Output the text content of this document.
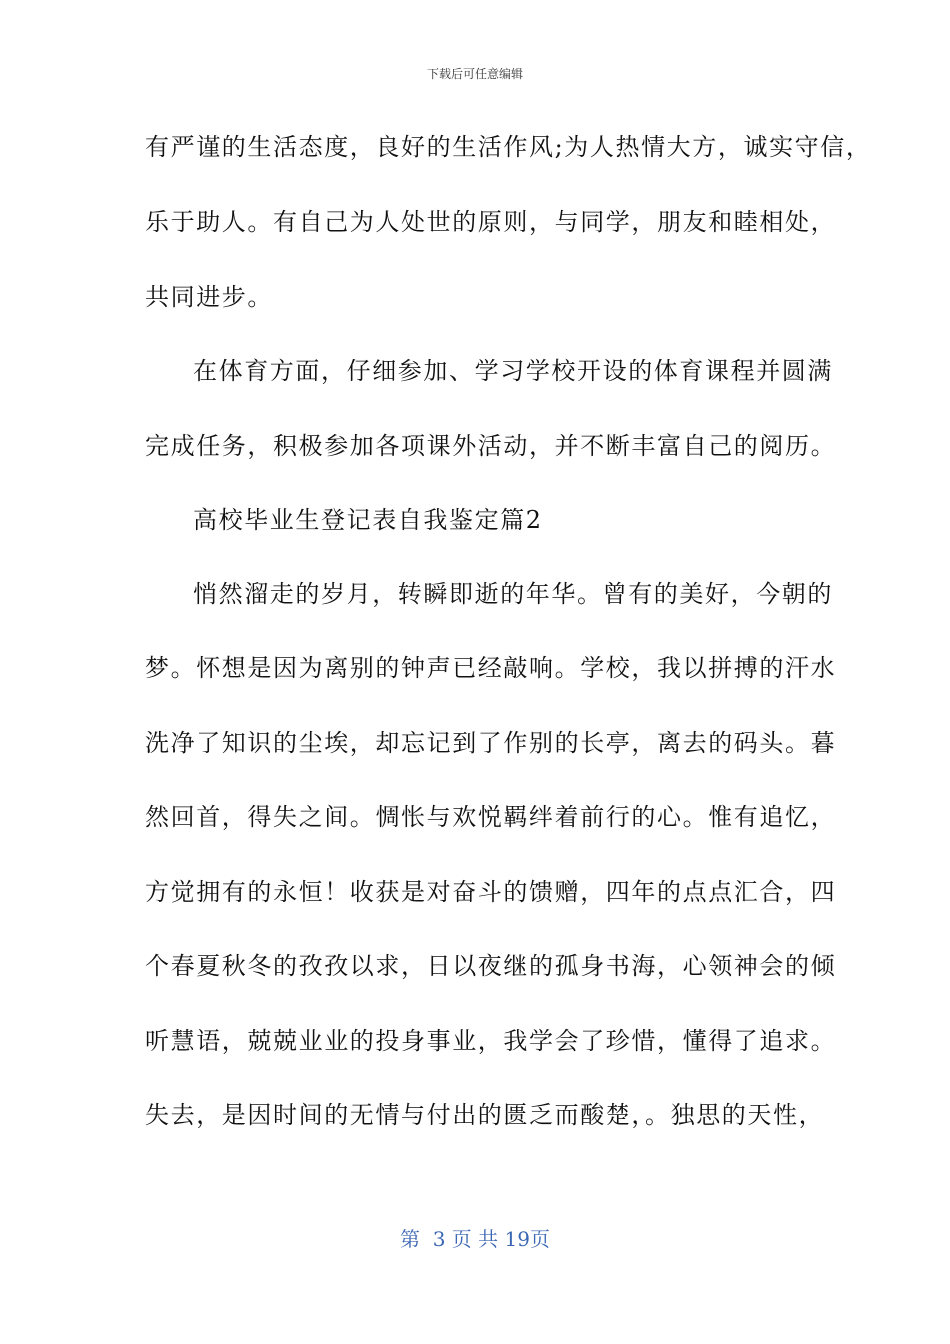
下载后可任意编辑
有严谨的生活态度，良好的生活作风;为人热情大方，诚实守信，
乐于助人。有自己为人处世的原则，与同学，朋友和睦相处，
共同进步。
在体育方面，仔细参加、学习学校开设的体育课程并圆满
完成任务，积极参加各项课外活动，并不断丰富自己的阅历。
高校毕业生登记表自我鉴定篇2
悄然溜走的岁月，转瞬即逝的年华。曾有的美好，今朝的
梦。怀想是因为离别的钟声已经敲响。学校，我以拼搏的汗水
洗净了知识的尘埃，却忘记到了作别的长亭，离去的码头。暮
然回首，得失之间。惆怅与欢悦羁绊着前行的心。惟有追忆，
方觉拥有的永恒！收获是对奋斗的馈赠，四年的点点汇合，四
个春夏秋冬的孜孜以求，日以夜继的孤身书海，心领神会的倾
听慧语，兢兢业业的投身事业，我学会了珍惜，懂得了追求。
失去，是因时间的无情与付出的匮乏而酸楚，。独思的天性，
第  3 页 共 19页
